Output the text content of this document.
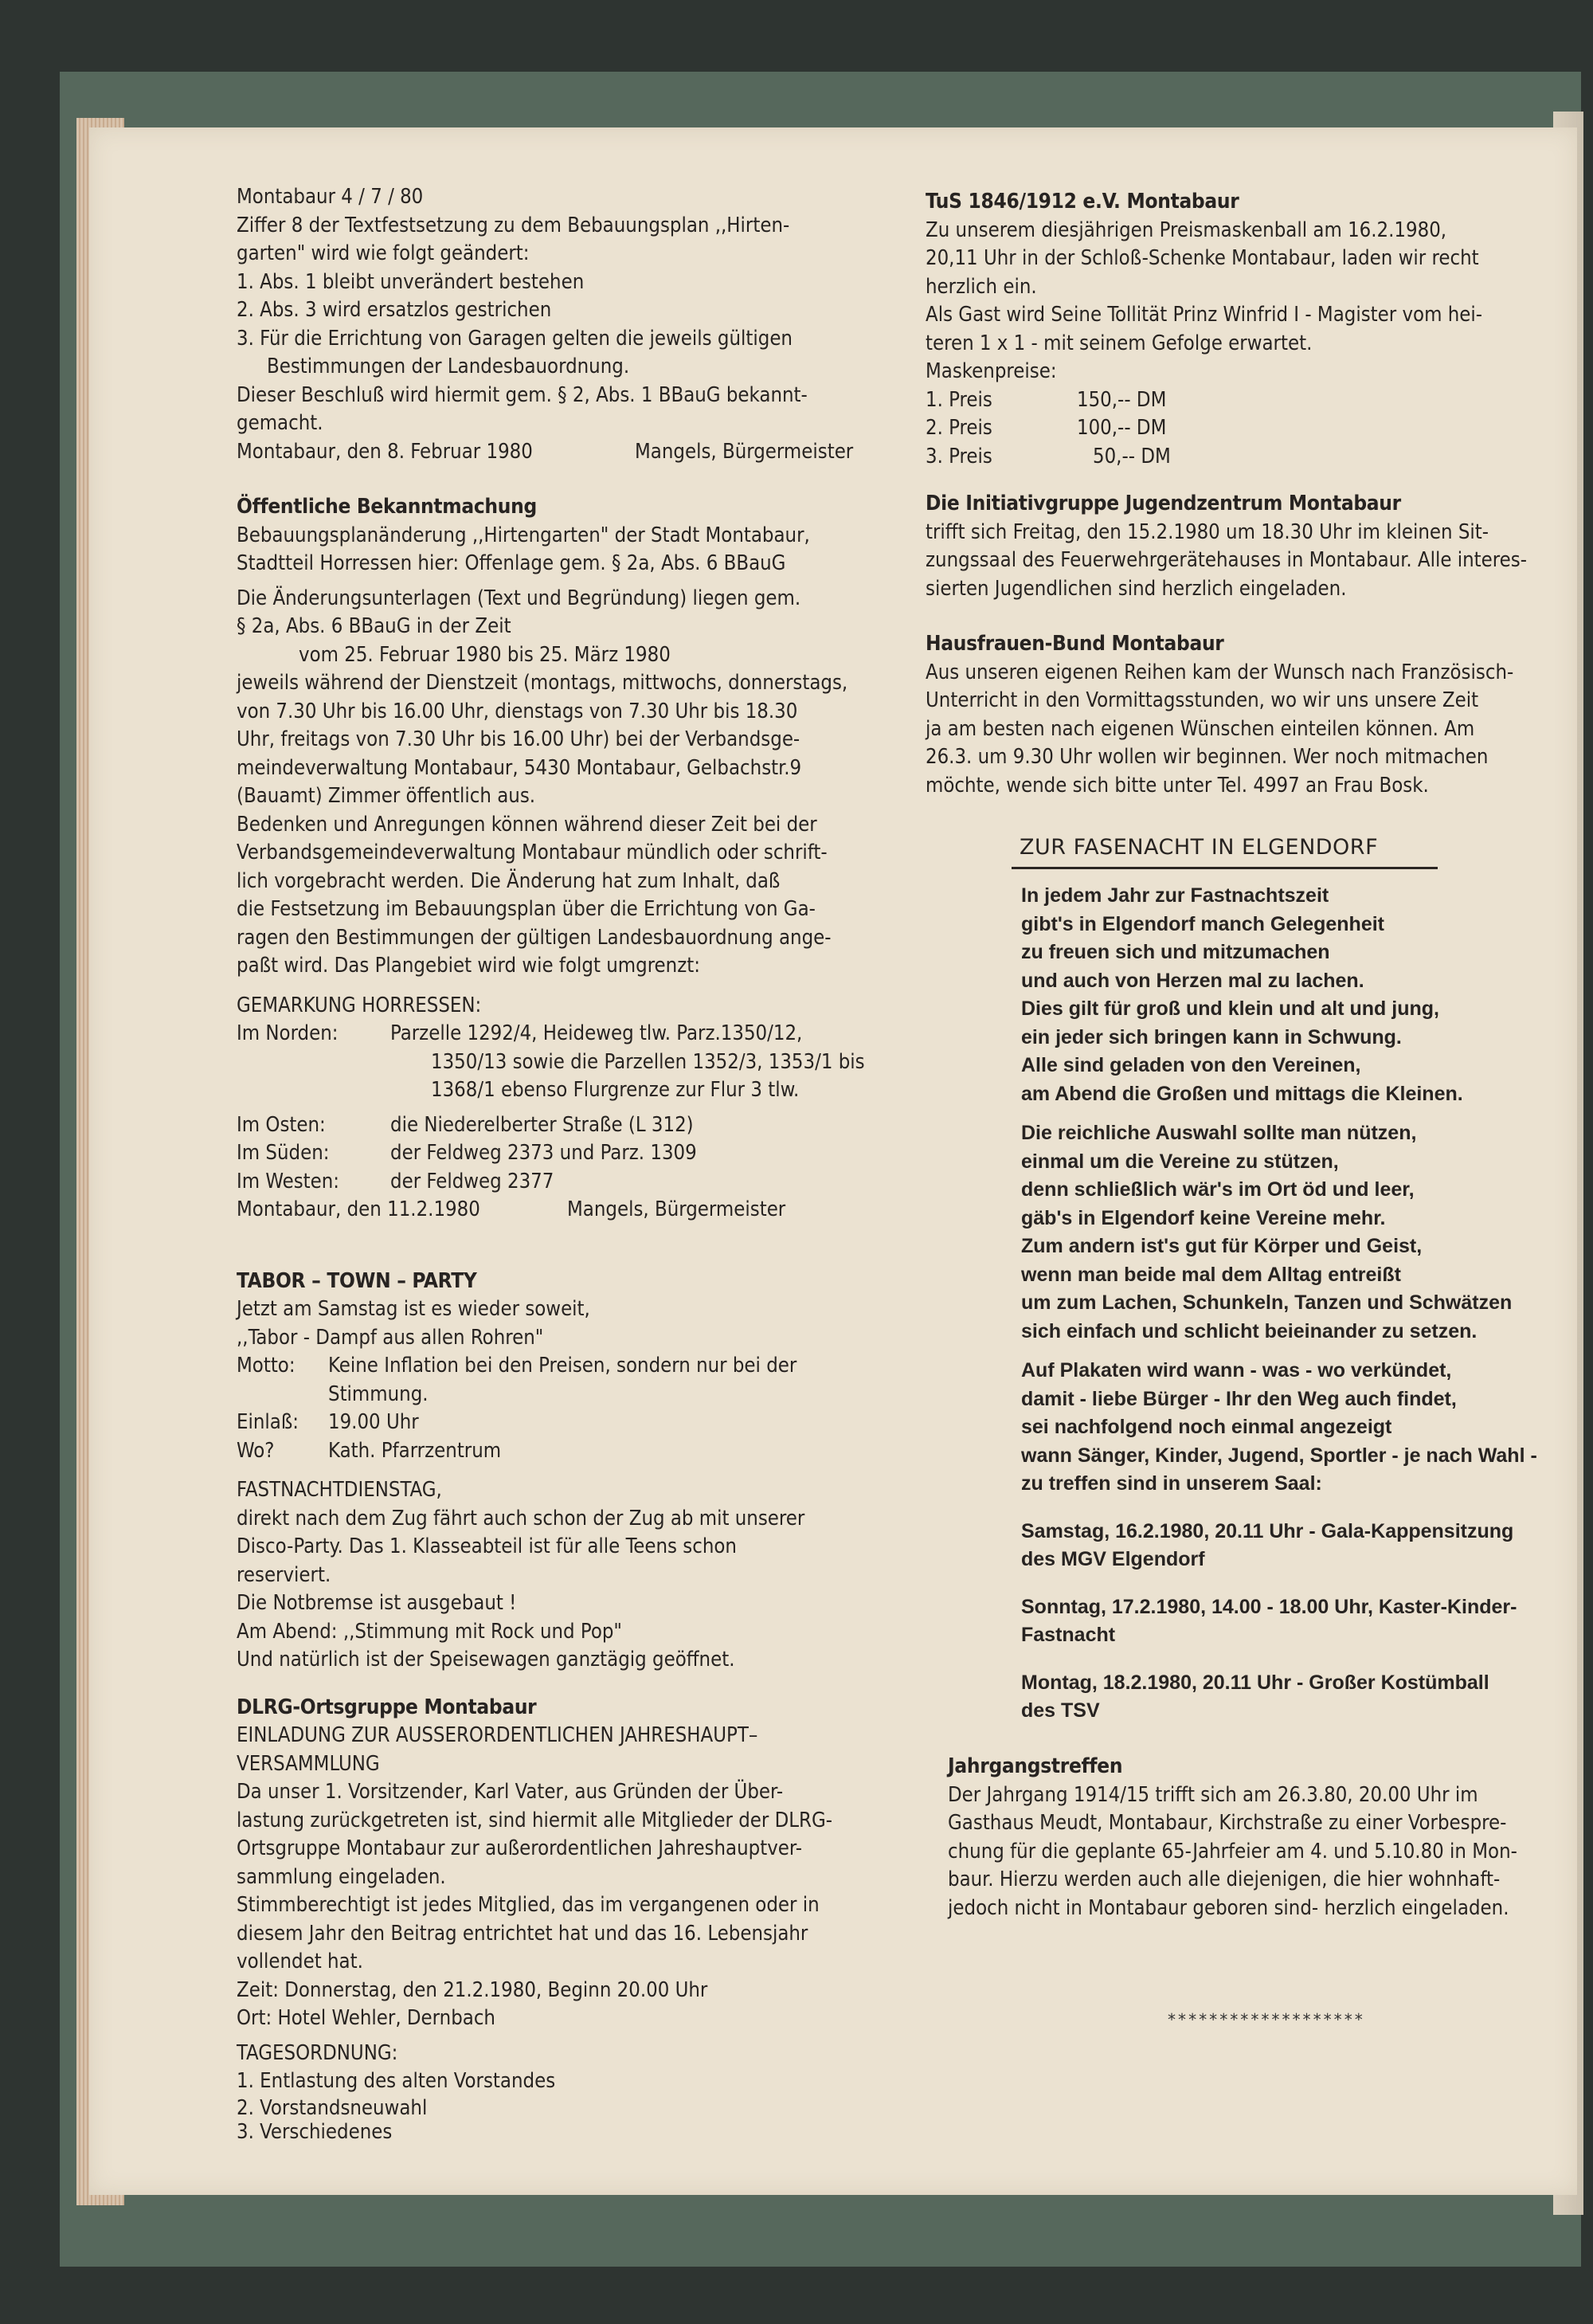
Montabaur 4 / 7 / 80

Ziffer 8 der Textfestsetzung zu dem Bebauungsplan ,,Hirten-

garten" wird wie folgt geändert:

1. Abs. 1 bleibt unverändert bestehen

2. Abs. 3 wird ersatzlos gestrichen

3. Für die Errichtung von Garagen gelten die jeweils gültigen

Bestimmungen der Landesbauordnung.

Dieser Beschluß wird hiermit gem. § 2, Abs. 1 BBauG bekannt-

gemacht.

Montabaur, den 8. Februar 1980	Mangels, Bürgermeister

Öffentliche Bekanntmachung

Bebauungsplanänderung ,,Hirtengarten" der Stadt Montabaur,

Stadtteil Horressen hier: Offenlage gem. § 2a, Abs. 6 BBauG

Die Änderungsunterlagen (Text und Begründung) liegen gem.

§ 2a, Abs. 6 BBauG in der Zeit

vom 25. Februar 1980 bis 25. März 1980

jeweils während der Dienstzeit (montags, mittwochs, donnerstags,

von 7.30 Uhr bis 16.00 Uhr, dienstags von 7.30 Uhr bis 18.30

Uhr, freitags von 7.30 Uhr bis 16.00 Uhr) bei der Verbandsge-

meindeverwaltung Montabaur, 5430 Montabaur, Gelbachstr.9

(Bauamt) Zimmer öffentlich aus.

Bedenken und Anregungen können während dieser Zeit bei der

Verbandsgemeindeverwaltung Montabaur mündlich oder schrift-

lich vorgebracht werden. Die Änderung hat zum Inhalt, daß

die Festsetzung im Bebauungsplan über die Errichtung von Ga-

ragen den Bestimmungen der gültigen Landesbauordnung ange-

paßt wird. Das Plangebiet wird wie folgt umgrenzt:

GEMARKUNG HORRESSEN:

Im Norden:	Parzelle 1292/4, Heideweg tlw. Parz.1350/12,

1350/13 sowie die Parzellen 1352/3, 1353/1 bis

1368/1 ebenso Flurgrenze zur Flur 3 tlw.

Im Osten:	die Niederelberter Straße (L 312)
Im Süden:	der Feldweg 2373 und Parz. 1309
Im Westen:	der Feldweg 2377
Montabaur, den 11.2.1980	Mangels, Bürgermeister

TABOR – TOWN – PARTY

Jetzt am Samstag ist es wieder soweit,

,,Tabor - Dampf aus allen Rohren"

Motto:	Keine Inflation bei den Preisen, sondern nur bei der

Stimmung.

Einlaß:	19.00 Uhr
Wo?	Kath. Pfarrzentrum

FASTNACHTDIENSTAG,

direkt nach dem Zug fährt auch schon der Zug ab mit unserer

Disco-Party. Das 1. Klasseabteil ist für alle Teens schon

reserviert.

Die Notbremse ist ausgebaut !

Am Abend: ,,Stimmung mit Rock und Pop"

Und natürlich ist der Speisewagen ganztägig geöffnet.

DLRG-Ortsgruppe Montabaur

EINLADUNG ZUR AUSSERORDENTLICHEN JAHRESHAUPT–

VERSAMMLUNG

Da unser 1. Vorsitzender, Karl Vater, aus Gründen der Über-

lastung zurückgetreten ist, sind hiermit alle Mitglieder der DLRG-

Ortsgruppe Montabaur zur außerordentlichen Jahreshauptver-

sammlung eingeladen.

Stimmberechtigt ist jedes Mitglied, das im vergangenen oder in

diesem Jahr den Beitrag entrichtet hat und das 16. Lebensjahr

vollendet hat.

Zeit: Donnerstag, den 21.2.1980, Beginn 20.00 Uhr

Ort: Hotel Wehler, Dernbach

TAGESORDNUNG:

1. Entlastung des alten Vorstandes

2. Vorstandsneuwahl

3. Verschiedenes

TuS 1846/1912 e.V. Montabaur

Zu unserem diesjährigen Preismaskenball am 16.2.1980,

20,11 Uhr in der Schloß-Schenke Montabaur, laden wir recht

herzlich ein.

Als Gast wird Seine Tollität Prinz Winfrid I - Magister vom hei-

teren 1 x 1 - mit seinem Gefolge erwartet.

Maskenpreise:

1. Preis	150,-- DM
2. Preis	100,-- DM
3. Preis	50,-- DM

Die Initiativgruppe Jugendzentrum Montabaur

trifft sich Freitag, den 15.2.1980 um 18.30 Uhr im kleinen Sit-

zungssaal des Feuerwehrgerätehauses in Montabaur. Alle interes-

sierten Jugendlichen sind herzlich eingeladen.

Hausfrauen-Bund Montabaur

Aus unseren eigenen Reihen kam der Wunsch nach Französisch-

Unterricht in den Vormittagsstunden, wo wir uns unsere Zeit

ja am besten nach eigenen Wünschen einteilen können. Am

26.3. um 9.30 Uhr wollen wir beginnen. Wer noch mitmachen

möchte, wende sich bitte unter Tel. 4997 an Frau Bosk.

ZUR FASENACHT IN ELGENDORF

In jedem Jahr zur Fastnachtszeit

gibt's in Elgendorf manch Gelegenheit

zu freuen sich und mitzumachen

und auch von Herzen mal zu lachen.

Dies gilt für groß und klein und alt und jung,

ein jeder sich bringen kann in Schwung.

Alle sind geladen von den Vereinen,

am Abend die Großen und mittags die Kleinen.

Die reichliche Auswahl sollte man nützen,

einmal um die Vereine zu stützen,

denn schließlich wär's im Ort öd und leer,

gäb's in Elgendorf keine Vereine mehr.

Zum andern ist's gut für Körper und Geist,

wenn man beide mal dem Alltag entreißt

um zum Lachen, Schunkeln, Tanzen und Schwätzen

sich einfach und schlicht beieinander zu setzen.

Auf Plakaten wird wann - was - wo verkündet,

damit - liebe Bürger - Ihr den Weg auch findet,

sei nachfolgend noch einmal angezeigt

wann Sänger, Kinder, Jugend, Sportler - je nach Wahl -

zu treffen sind in unserem Saal:

Samstag, 16.2.1980, 20.11 Uhr - Gala-Kappensitzung

des MGV Elgendorf

Sonntag, 17.2.1980, 14.00 - 18.00 Uhr, Kaster-Kinder-

Fastnacht

Montag, 18.2.1980, 20.11 Uhr - Großer Kostümball

des TSV

Jahrgangstreffen

Der Jahrgang 1914/15 trifft sich am 26.3.80, 20.00 Uhr im

Gasthaus Meudt, Montabaur, Kirchstraße zu einer Vorbespre-

chung für die geplante 65-Jahrfeier am 4. und 5.10.80 in Mon-

baur. Hierzu werden auch alle diejenigen, die hier wohnhaft-

jedoch nicht in Montabaur geboren sind- herzlich eingeladen.

*******************
